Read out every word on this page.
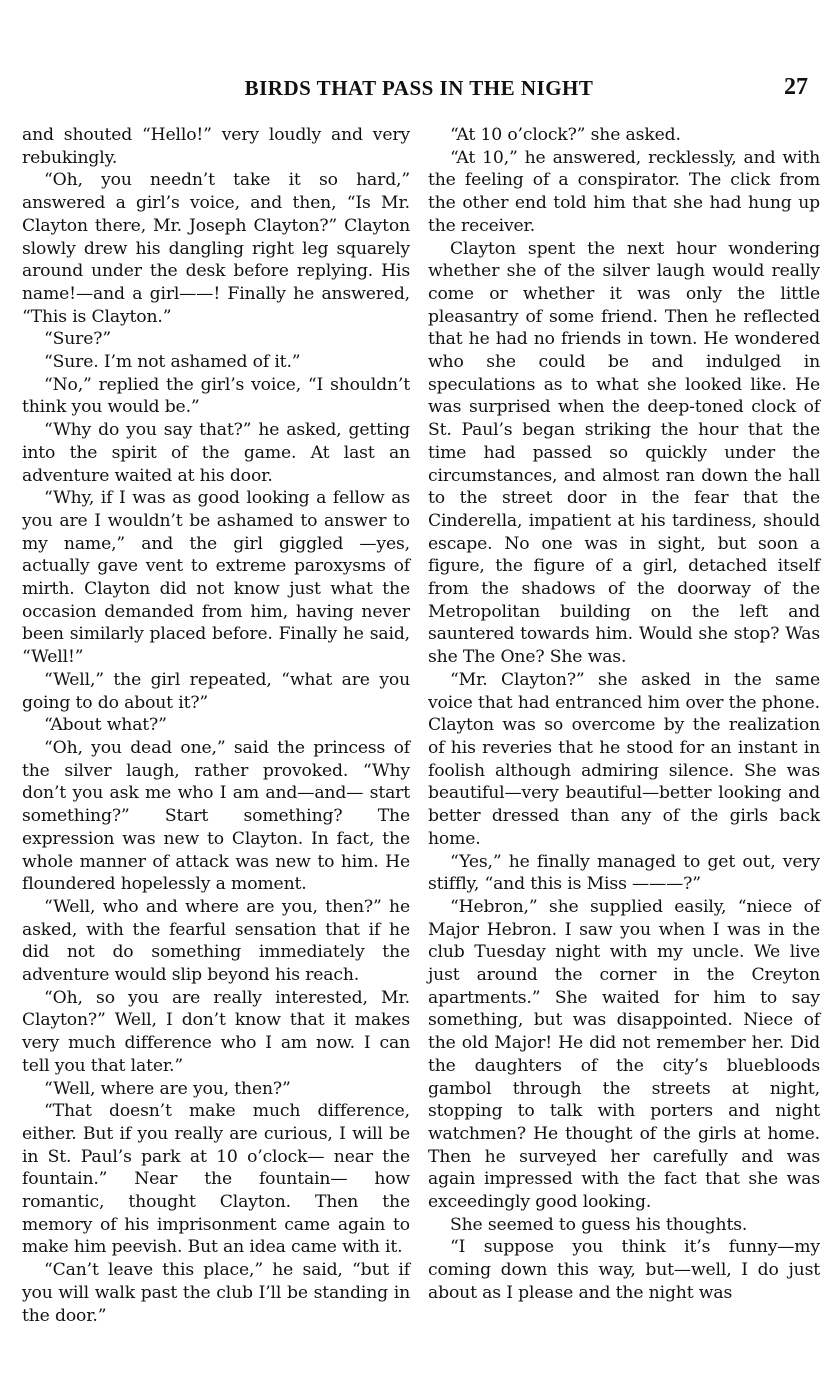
BIRDS THAT PASS IN THE NIGHT	27

and shouted “Hello!” very loudly and very rebukingly.

“Oh, you needn’t take it so hard,” answered a girl’s voice, and then, “Is Mr. Clayton there, Mr. Joseph Clayton?” Clayton slowly drew his dangling right leg squarely around under the desk before replying. His name!—and a girl——! Finally he answered, “This is Clayton.”

“Sure?”

“Sure. I’m not ashamed of it.”

“No,” replied the girl’s voice, “I shouldn’t think you would be.”

“Why do you say that?” he asked, getting into the spirit of the game. At last an adventure waited at his door.

“Why, if I was as good looking a fellow as you are I wouldn’t be ashamed to answer to my name,” and the girl giggled —yes, actually gave vent to extreme paroxysms of mirth. Clayton did not know just what the occasion demanded from him, having never been similarly placed before. Finally he said, “Well!”

“Well,” the girl repeated, “what are you going to do about it?”

“About what?”

“Oh, you dead one,” said the princess of the silver laugh, rather provoked. “Why don’t you ask me who I am and—and— start something?” Start something? The expression was new to Clayton. In fact, the whole manner of attack was new to him. He floundered hopelessly a moment.

“Well, who and where are you, then?” he asked, with the fearful sensation that if he did not do something immediately the adventure would slip beyond his reach.

“Oh, so you are really interested, Mr. Clayton?” Well, I don’t know that it makes very much difference who I am now. I can tell you that later.”

“Well, where are you, then?”

“That doesn’t make much difference, either. But if you really are curious, I will be in St. Paul’s park at 10 o’clock— near the fountain.” Near the fountain— how romantic, thought Clayton. Then the memory of his imprisonment came again to make him peevish. But an idea came with it.

“Can’t leave this place,” he said, “but if you will walk past the club I’ll be standing in the door.”

“At 10 o’clock?” she asked.

“At 10,” he answered, recklessly, and with the feeling of a conspirator. The click from the other end told him that she had hung up the receiver.

Clayton spent the next hour wondering whether she of the silver laugh would really come or whether it was only the little pleasantry of some friend. Then he reflected that he had no friends in town. He wondered who she could be and indulged in speculations as to what she looked like. He was surprised when the deep-toned clock of St. Paul’s began striking the hour that the time had passed so quickly under the circumstances, and almost ran down the hall to the street door in the fear that the Cinderella, impatient at his tardiness, should escape. No one was in sight, but soon a figure, the figure of a girl, detached itself from the shadows of the doorway of the Metropolitan building on the left and sauntered towards him. Would she stop? Was she The One? She was.

“Mr. Clayton?” she asked in the same voice that had entranced him over the phone. Clayton was so overcome by the realization of his reveries that he stood for an instant in foolish although admiring silence. She was beautiful—very beautiful—better looking and better dressed than any of the girls back home.

“Yes,” he finally managed to get out, very stiffly, “and this is Miss ———?”

“Hebron,” she supplied easily, “niece of Major Hebron. I saw you when I was in the club Tuesday night with my uncle. We live just around the corner in the Creyton apartments.” She waited for him to say something, but was disappointed. Niece of the old Major! He did not remember her. Did the daughters of the city’s bluebloods gambol through the streets at night, stopping to talk with porters and night watchmen? He thought of the girls at home. Then he surveyed her carefully and was again impressed with the fact that she was exceedingly good looking.

She seemed to guess his thoughts.

“I suppose you think it’s funny—my coming down this way, but—well, I do just about as I please and the night was
